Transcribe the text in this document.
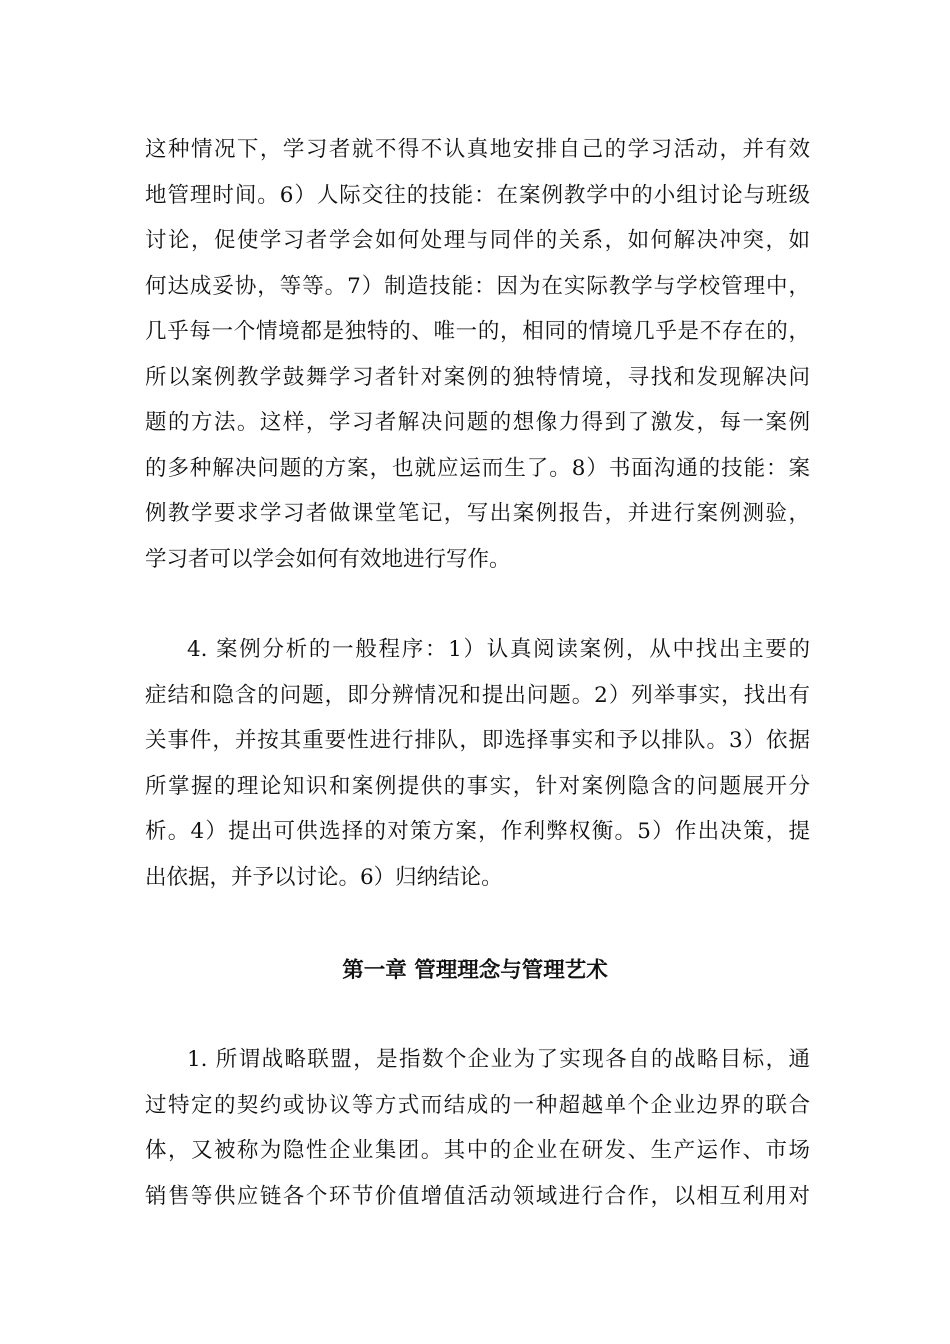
这种情况下，学习者就不得不认真地安排自己的学习活动，并有效
地管理时间。6）人际交往的技能：在案例教学中的小组讨论与班级
讨论，促使学习者学会如何处理与同伴的关系，如何解决冲突，如
何达成妥协，等等。7）制造技能：因为在实际教学与学校管理中，
几乎每一个情境都是独特的、唯一的，相同的情境几乎是不存在的，
所以案例教学鼓舞学习者针对案例的独特情境，寻找和发现解决问
题的方法。这样，学习者解决问题的想像力得到了激发，每一案例
的多种解决问题的方案，也就应运而生了。8）书面沟通的技能：案
例教学要求学习者做课堂笔记，写出案例报告，并进行案例测验，
学习者可以学会如何有效地进行写作。
4. 案例分析的一般程序：1）认真阅读案例，从中找出主要的
症结和隐含的问题，即分辨情况和提出问题。2）列举事实，找出有
关事件，并按其重要性进行排队，即选择事实和予以排队。3）依据
所掌握的理论知识和案例提供的事实，针对案例隐含的问题展开分
析。4）提出可供选择的对策方案，作利弊权衡。5）作出决策，提
出依据，并予以讨论。6）归纳结论。
第一章 管理理念与管理艺术
1. 所谓战略联盟，是指数个企业为了实现各自的战略目标，通
过特定的契约或协议等方式而结成的一种超越单个企业边界的联合
体，又被称为隐性企业集团。其中的企业在研发、生产运作、市场
销售等供应链各个环节价值增值活动领域进行合作，以相互利用对
